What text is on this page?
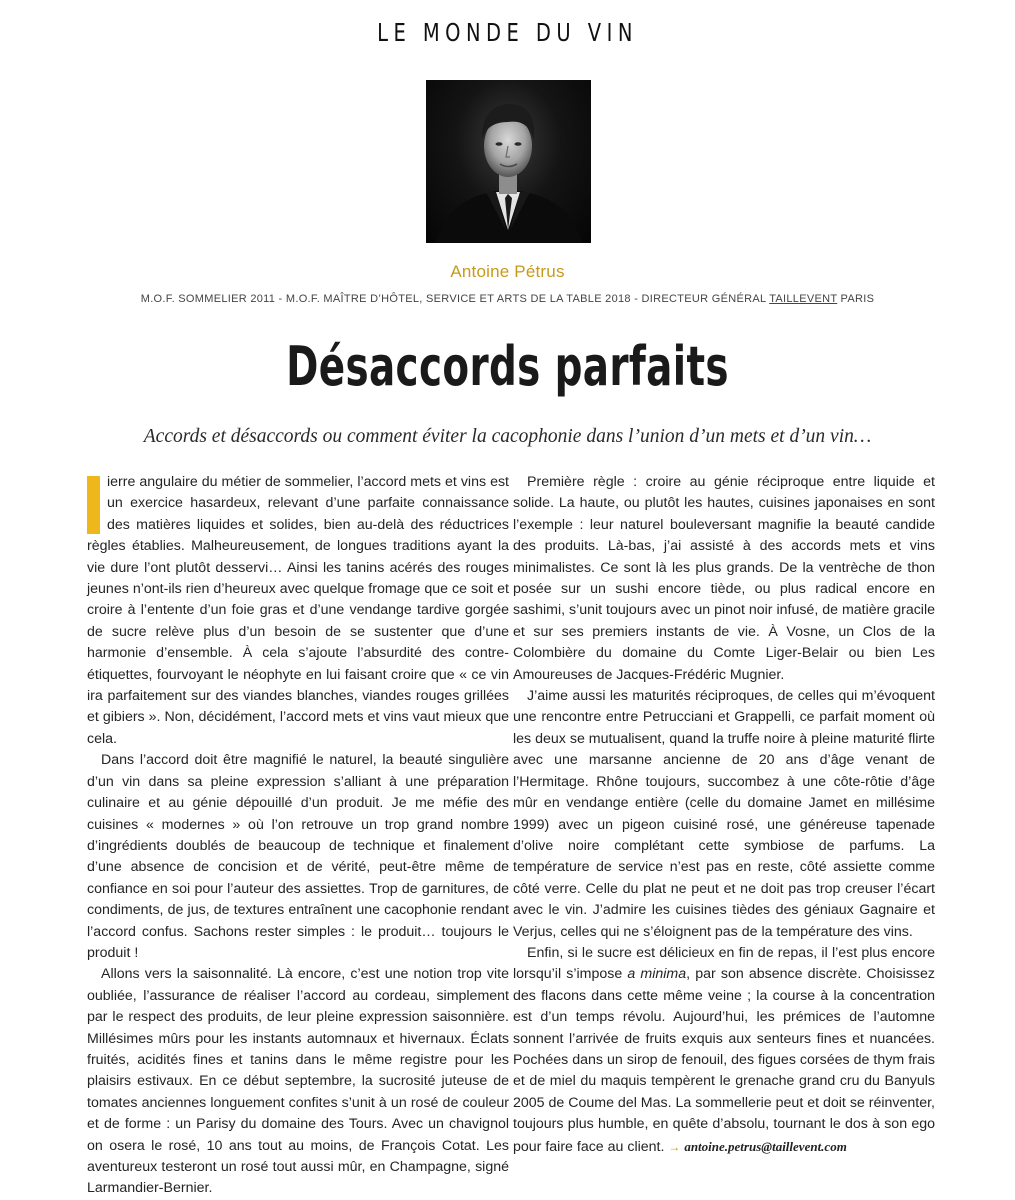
LE MONDE DU VIN
Antoine Pétrus
M.O.F. SOMMELIER 2011 - M.O.F. MAÎTRE D’HÔTEL, SERVICE ET ARTS DE LA TABLE 2018 - DIRECTEUR GÉNÉRAL TAILLEVENT PARIS
Désaccords parfaits
Accords et désaccords ou comment éviter la cacophonie dans l’union d’un mets et d’un vin…

ierre angulaire du métier de sommelier, l’accord mets et vins est un exercice hasardeux, relevant d’une parfaite connaissance des matières liquides et solides, bien au-delà des réductrices règles établies. Malheureusement, de longues traditions ayant la vie dure l’ont plutôt desservi… Ainsi les tanins acérés des rouges jeunes n’ont-ils rien d’heureux avec quelque fromage que ce soit et croire à l’entente d’un foie gras et d’une vendange tardive gorgée de sucre relève plus d’un besoin de se sustenter que d’une harmonie d’ensemble. À cela s’ajoute l’absurdité des contre-étiquettes, fourvoyant le néophyte en lui faisant croire que « ce vin ira parfaitement sur des viandes blanches, viandes rouges grillées et gibiers ». Non, décidément, l’accord mets et vins vaut mieux que cela.

Dans l’accord doit être magnifié le naturel, la beauté singulière d’un vin dans sa pleine expression s’alliant à une préparation culinaire et au génie dépouillé d’un produit. Je me méfie des cuisines « modernes » où l’on retrouve un trop grand nombre d’ingrédients doublés de beaucoup de technique et finalement d’une absence de concision et de vérité, peut-être même de confiance en soi pour l’auteur des assiettes. Trop de garnitures, de condiments, de jus, de textures entraînent une cacophonie rendant l’accord confus. Sachons rester simples : le produit… toujours le produit !

Allons vers la saisonnalité. Là encore, c’est une notion trop vite oubliée, l’assurance de réaliser l’accord au cordeau, simplement par le respect des produits, de leur pleine expression saisonnière. Millésimes mûrs pour les instants automnaux et hivernaux. Éclats fruités, acidités fines et tanins dans le même registre pour les plaisirs estivaux. En ce début septembre, la sucrosité juteuse de tomates anciennes longuement confites s’unit à un rosé de couleur et de forme : un Parisy du domaine des Tours. Avec un chavignol on osera le rosé, 10 ans tout au moins, de François Cotat. Les aventureux testeront un rosé tout aussi mûr, en Champagne, signé Larmandier-Bernier.

Première règle : croire au génie réciproque entre liquide et solide. La haute, ou plutôt les hautes, cuisines japonaises en sont l’exemple : leur naturel bouleversant magnifie la beauté candide des produits. Là-bas, j’ai assisté à des accords mets et vins minimalistes. Ce sont là les plus grands. De la ventrèche de thon posée sur un sushi encore tiède, ou plus radical encore en sashimi, s’unit toujours avec un pinot noir infusé, de matière gracile et sur ses premiers instants de vie. À Vosne, un Clos de la Colombière du domaine du Comte Liger-Belair ou bien Les Amoureuses de Jacques-Frédéric Mugnier.

J’aime aussi les maturités réciproques, de celles qui m’évoquent une rencontre entre Petrucciani et Grappelli, ce parfait moment où les deux se mutualisent, quand la truffe noire à pleine maturité flirte avec une marsanne ancienne de 20 ans d’âge venant de l’Hermitage. Rhône toujours, succombez à une côte-rôtie d’âge mûr en vendange entière (celle du domaine Jamet en millésime 1999) avec un pigeon cuisiné rosé, une généreuse tapenade d’olive noire complétant cette symbiose de parfums. La température de service n’est pas en reste, côté assiette comme côté verre. Celle du plat ne peut et ne doit pas trop creuser l’écart avec le vin. J’admire les cuisines tièdes des géniaux Gagnaire et Verjus, celles qui ne s’éloignent pas de la température des vins.

Enfin, si le sucre est délicieux en fin de repas, il l’est plus encore lorsqu’il s’impose a minima, par son absence discrète. Choisissez des flacons dans cette même veine ; la course à la concentration est d’un temps révolu. Aujourd’hui, les prémices de l’automne sonnent l’arrivée de fruits exquis aux senteurs fines et nuancées. Pochées dans un sirop de fenouil, des figues corsées de thym frais et de miel du maquis tempèrent le grenache grand cru du Banyuls 2005 de Coume del Mas. La sommellerie peut et doit se réinventer, toujours plus humble, en quête d’absolu, tournant le dos à son ego pour faire face au client. → antoine.petrus@taillevent.com
